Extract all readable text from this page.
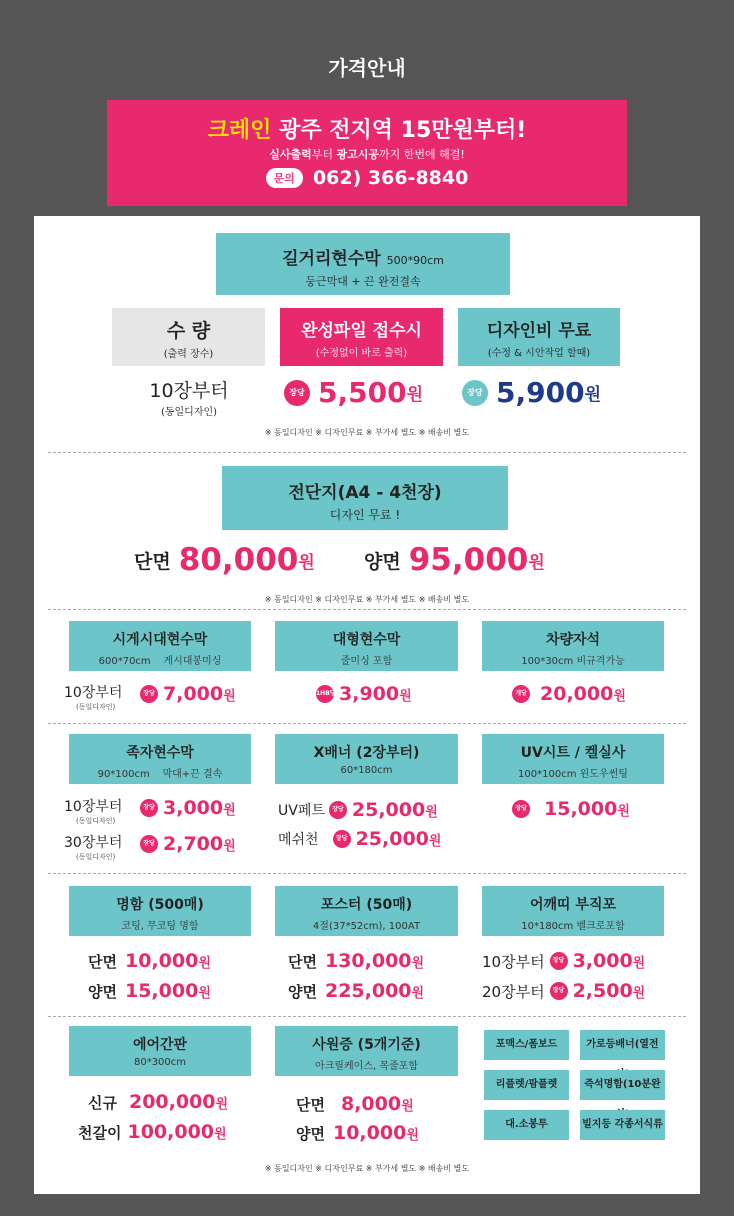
가격안내
크레인 광주 전지역 15만원부터!
실사출력부터 광고시공까지 한번에 해결!
문의 062) 366-8840
길거리현수막 500*90cm
둥근막대 + 끈 완전결속
수 량
(출력 장수)
완성파일 접수시
(수정없이 바로 출력)
디자인비 무료
(수정 & 시안작업 할때)
10장부터
(동일디자인)
장당 5,500 원	장당 5,900 원
※ 동일디자인 ※ 디자인무료 ※ 부가세 별도 ※ 배송비 별도
전단지(A4 - 4천장)
디자인 무료 !
단면 80,000 원	양면 95,000 원
※ 동일디자인 ※ 디자인무료 ※ 부가세 별도 ※ 배송비 별도
시게시대현수막
600*70cm 게시대봉미싱
대형현수막
줄미싱 포함
차량자석
100*30cm 비규격가능
10장부터
(동일디자인)
장당 7,000 원	1HB당 3,900 원	개당 20,000 원
족자현수막
90*100cm 막대+끈 결속
X배너 (2장부터)
60*180cm
UV시트 / 켈실사
100*100cm 윈도우썬팅
10장부터
(동일디자인)
장당 3,000 원
30장부터
(동일디자인)
장당 2,700 원
UV페트	장당 25,000 원
메쉬천	장당 25,000 원
장당 15,000 원
명함 (500매)
코팅, 무코팅 명함
포스터 (50매)
4절(37*52cm), 100AT
어깨띠 부직포
10*180cm 벨크로포함
단면 10,000 원
양면 15,000 원
단면 130,000 원
양면 225,000 원
10장부터	장당 3,000 원
20장부터	장당 2,500 원
에어간판
80*300cm
사원증 (5개기준)
아크릴케이스, 목줄포함
포맥스/폼보드	가로등배너(열전
리플렛/팜플렛	즉석명함(10분완
대.소봉투	빌지등 각종서식류
신규 200,000 원
천갈이 100,000 원
단면 8,000 원
양면 10,000 원
※ 동일디자인 ※ 디자인무료 ※ 부가세 별도 ※ 배송비 별도
